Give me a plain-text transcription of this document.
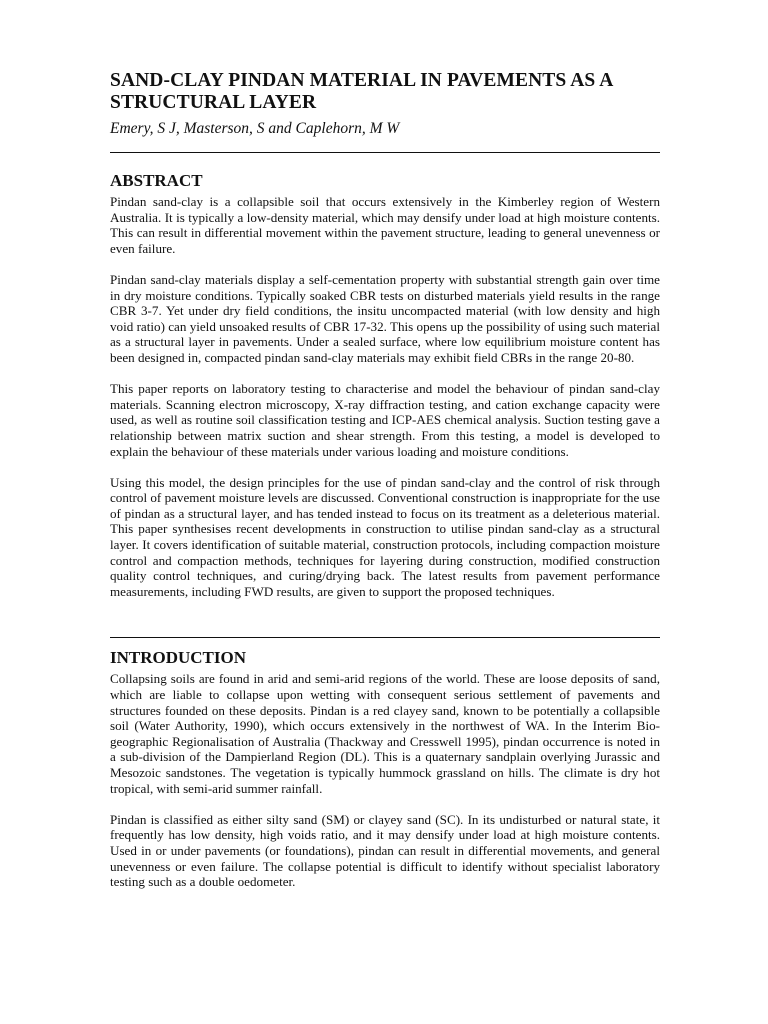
SAND-CLAY PINDAN MATERIAL IN PAVEMENTS AS A STRUCTURAL LAYER

Emery, S J, Masterson, S and Caplehorn, M W

ABSTRACT

Pindan sand-clay is a collapsible soil that occurs extensively in the Kimberley region of Western Australia. It is typically a low-density material, which may densify under load at high moisture contents. This can result in differential movement within the pavement structure, leading to general unevenness or even failure.

Pindan sand-clay materials display a self-cementation property with substantial strength gain over time in dry moisture conditions. Typically soaked CBR tests on disturbed materials yield results in the range CBR 3-7. Yet under dry field conditions, the insitu uncompacted material (with low density and high void ratio) can yield unsoaked results of CBR 17-32. This opens up the possibility of using such material as a structural layer in pavements. Under a sealed surface, where low equilibrium moisture content has been designed in, compacted pindan sand-clay materials may exhibit field CBRs in the range 20-80.

This paper reports on laboratory testing to characterise and model the behaviour of pindan sand-clay materials. Scanning electron microscopy, X-ray diffraction testing, and cation exchange capacity were used, as well as routine soil classification testing and ICP-AES chemical analysis. Suction testing gave a relationship between matrix suction and shear strength. From this testing, a model is developed to explain the behaviour of these materials under various loading and moisture conditions.

Using this model, the design principles for the use of pindan sand-clay and the control of risk through control of pavement moisture levels are discussed. Conventional construction is inappropriate for the use of pindan as a structural layer, and has tended instead to focus on its treatment as a deleterious material. This paper synthesises recent developments in construction to utilise pindan sand-clay as a structural layer. It covers identification of suitable material, construction protocols, including compaction moisture control and compaction methods, techniques for layering during construction, modified construction quality control techniques, and curing/drying back. The latest results from pavement performance measurements, including FWD results, are given to support the proposed techniques.

INTRODUCTION

Collapsing soils are found in arid and semi-arid regions of the world. These are loose deposits of sand, which are liable to collapse upon wetting with consequent serious settlement of pavements and structures founded on these deposits. Pindan is a red clayey sand, known to be potentially a collapsible soil (Water Authority, 1990), which occurs extensively in the northwest of WA. In the Interim Bio-geographic Regionalisation of Australia (Thackway and Cresswell 1995), pindan occurrence is noted in a sub-division of the Dampierland Region (DL). This is a quaternary sandplain overlying Jurassic and Mesozoic sandstones. The vegetation is typically hummock grassland on hills. The climate is dry hot tropical, with semi-arid summer rainfall.

Pindan is classified as either silty sand (SM) or clayey sand (SC). In its undisturbed or natural state, it frequently has low density, high voids ratio, and it may densify under load at high moisture contents. Used in or under pavements (or foundations), pindan can result in differential movements, and general unevenness or even failure. The collapse potential is difficult to identify without specialist laboratory testing such as a double oedometer.
